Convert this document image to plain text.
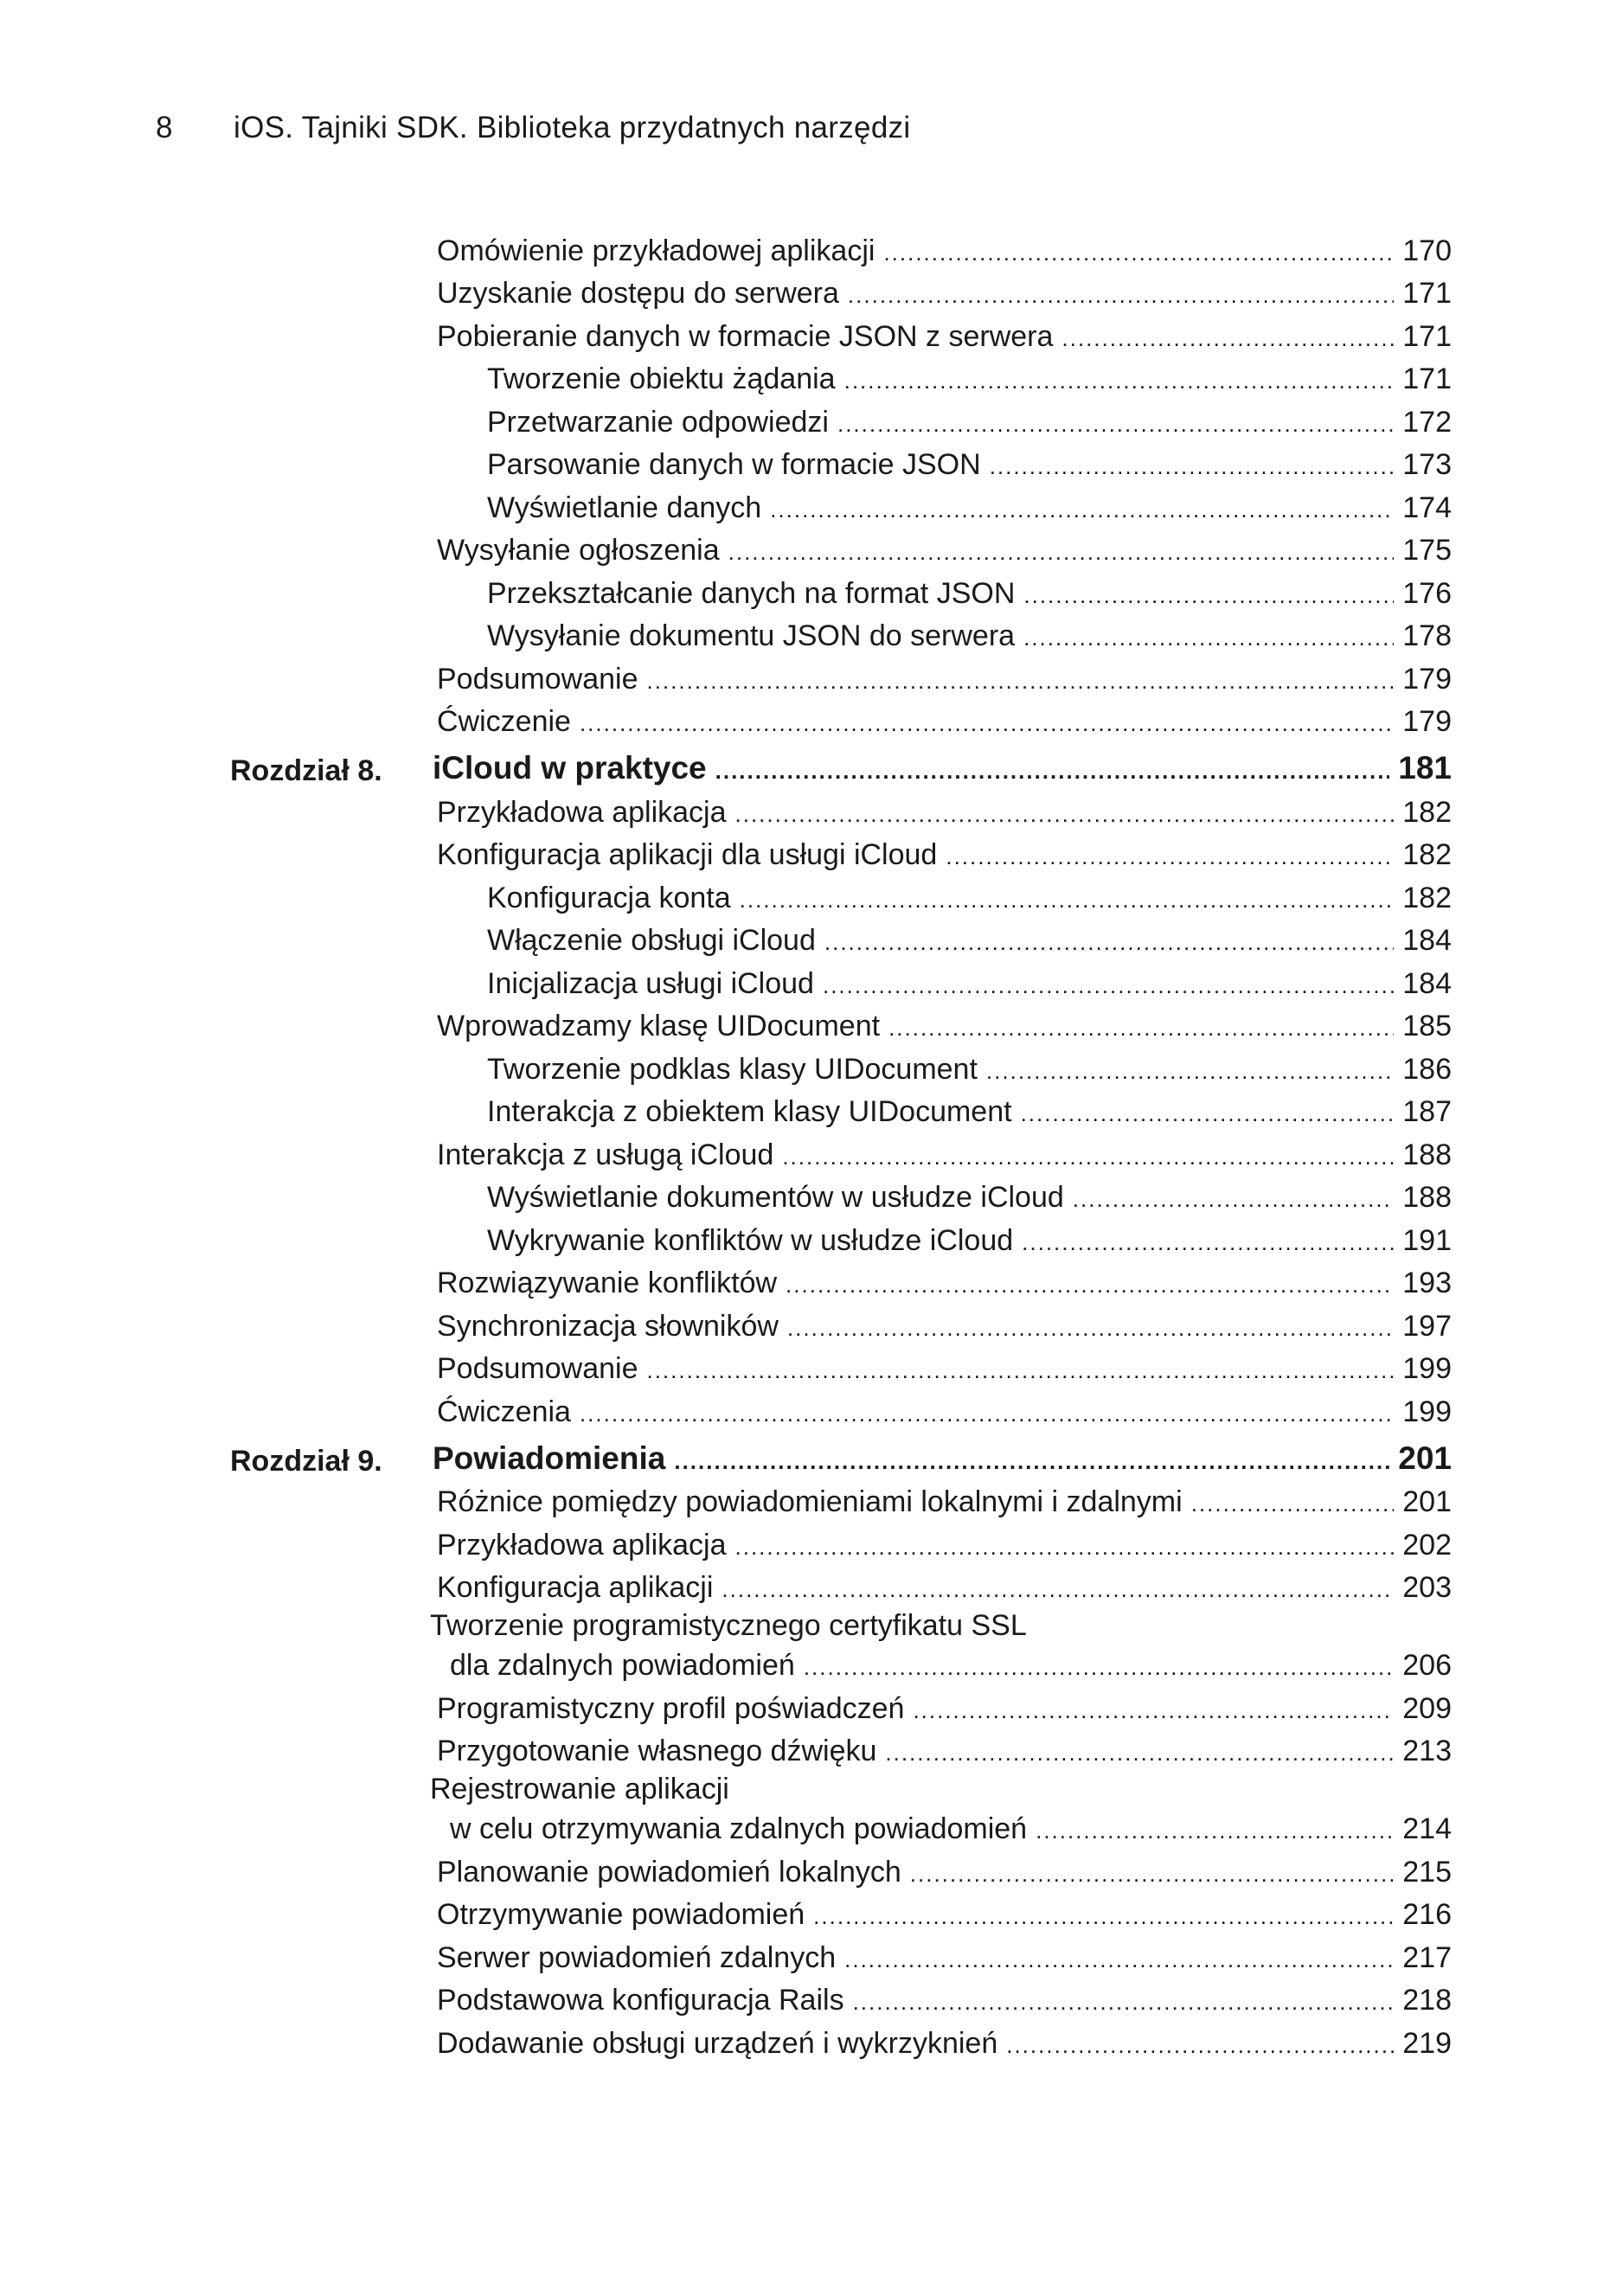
8 iOS. Tajniki SDK. Biblioteka przydatnych narzędzi
Omówienie przykładowej aplikacji .....	170
Uzyskanie dostępu do serwera .....	171
Pobieranie danych w formacie JSON z serwera .....	171
Tworzenie obiektu żądania .....	171
Przetwarzanie odpowiedzi .....	172
Parsowanie danych w formacie JSON .....	173
Wyświetlanie danych .....	174
Wysyłanie ogłoszenia .....	175
Przekształcanie danych na format JSON .....	176
Wysyłanie dokumentu JSON do serwera .....	178
Podsumowanie .....	179
Ćwiczenie .....	179
Rozdział 8. iCloud w praktyce .....	181
Przykładowa aplikacja .....	182
Konfiguracja aplikacji dla usługi iCloud .....	182
Konfiguracja konta .....	182
Włączenie obsługi iCloud .....	184
Inicjalizacja usługi iCloud .....	184
Wprowadzamy klasę UIDocument .....	185
Tworzenie podklas klasy UIDocument .....	186
Interakcja z obiektem klasy UIDocument .....	187
Interakcja z usługą iCloud .....	188
Wyświetlanie dokumentów w usłudze iCloud .....	188
Wykrywanie konfliktów w usłudze iCloud .....	191
Rozwiązywanie konfliktów .....	193
Synchronizacja słowników .....	197
Podsumowanie .....	199
Ćwiczenia .....	199
Rozdział 9. Powiadomienia .....	201
Różnice pomiędzy powiadomieniami lokalnymi i zdalnymi .....	201
Przykładowa aplikacja .....	202
Konfiguracja aplikacji .....	203
Tworzenie programistycznego certyfikatu SSL
dla zdalnych powiadomień .....	206
Programistyczny profil poświadczeń .....	209
Przygotowanie własnego dźwięku .....	213
Rejestrowanie aplikacji
w celu otrzymywania zdalnych powiadomień .....	214
Planowanie powiadomień lokalnych .....	215
Otrzymywanie powiadomień .....	216
Serwer powiadomień zdalnych .....	217
Podstawowa konfiguracja Rails .....	218
Dodawanie obsługi urządzeń i wykrzyknień .....	219
